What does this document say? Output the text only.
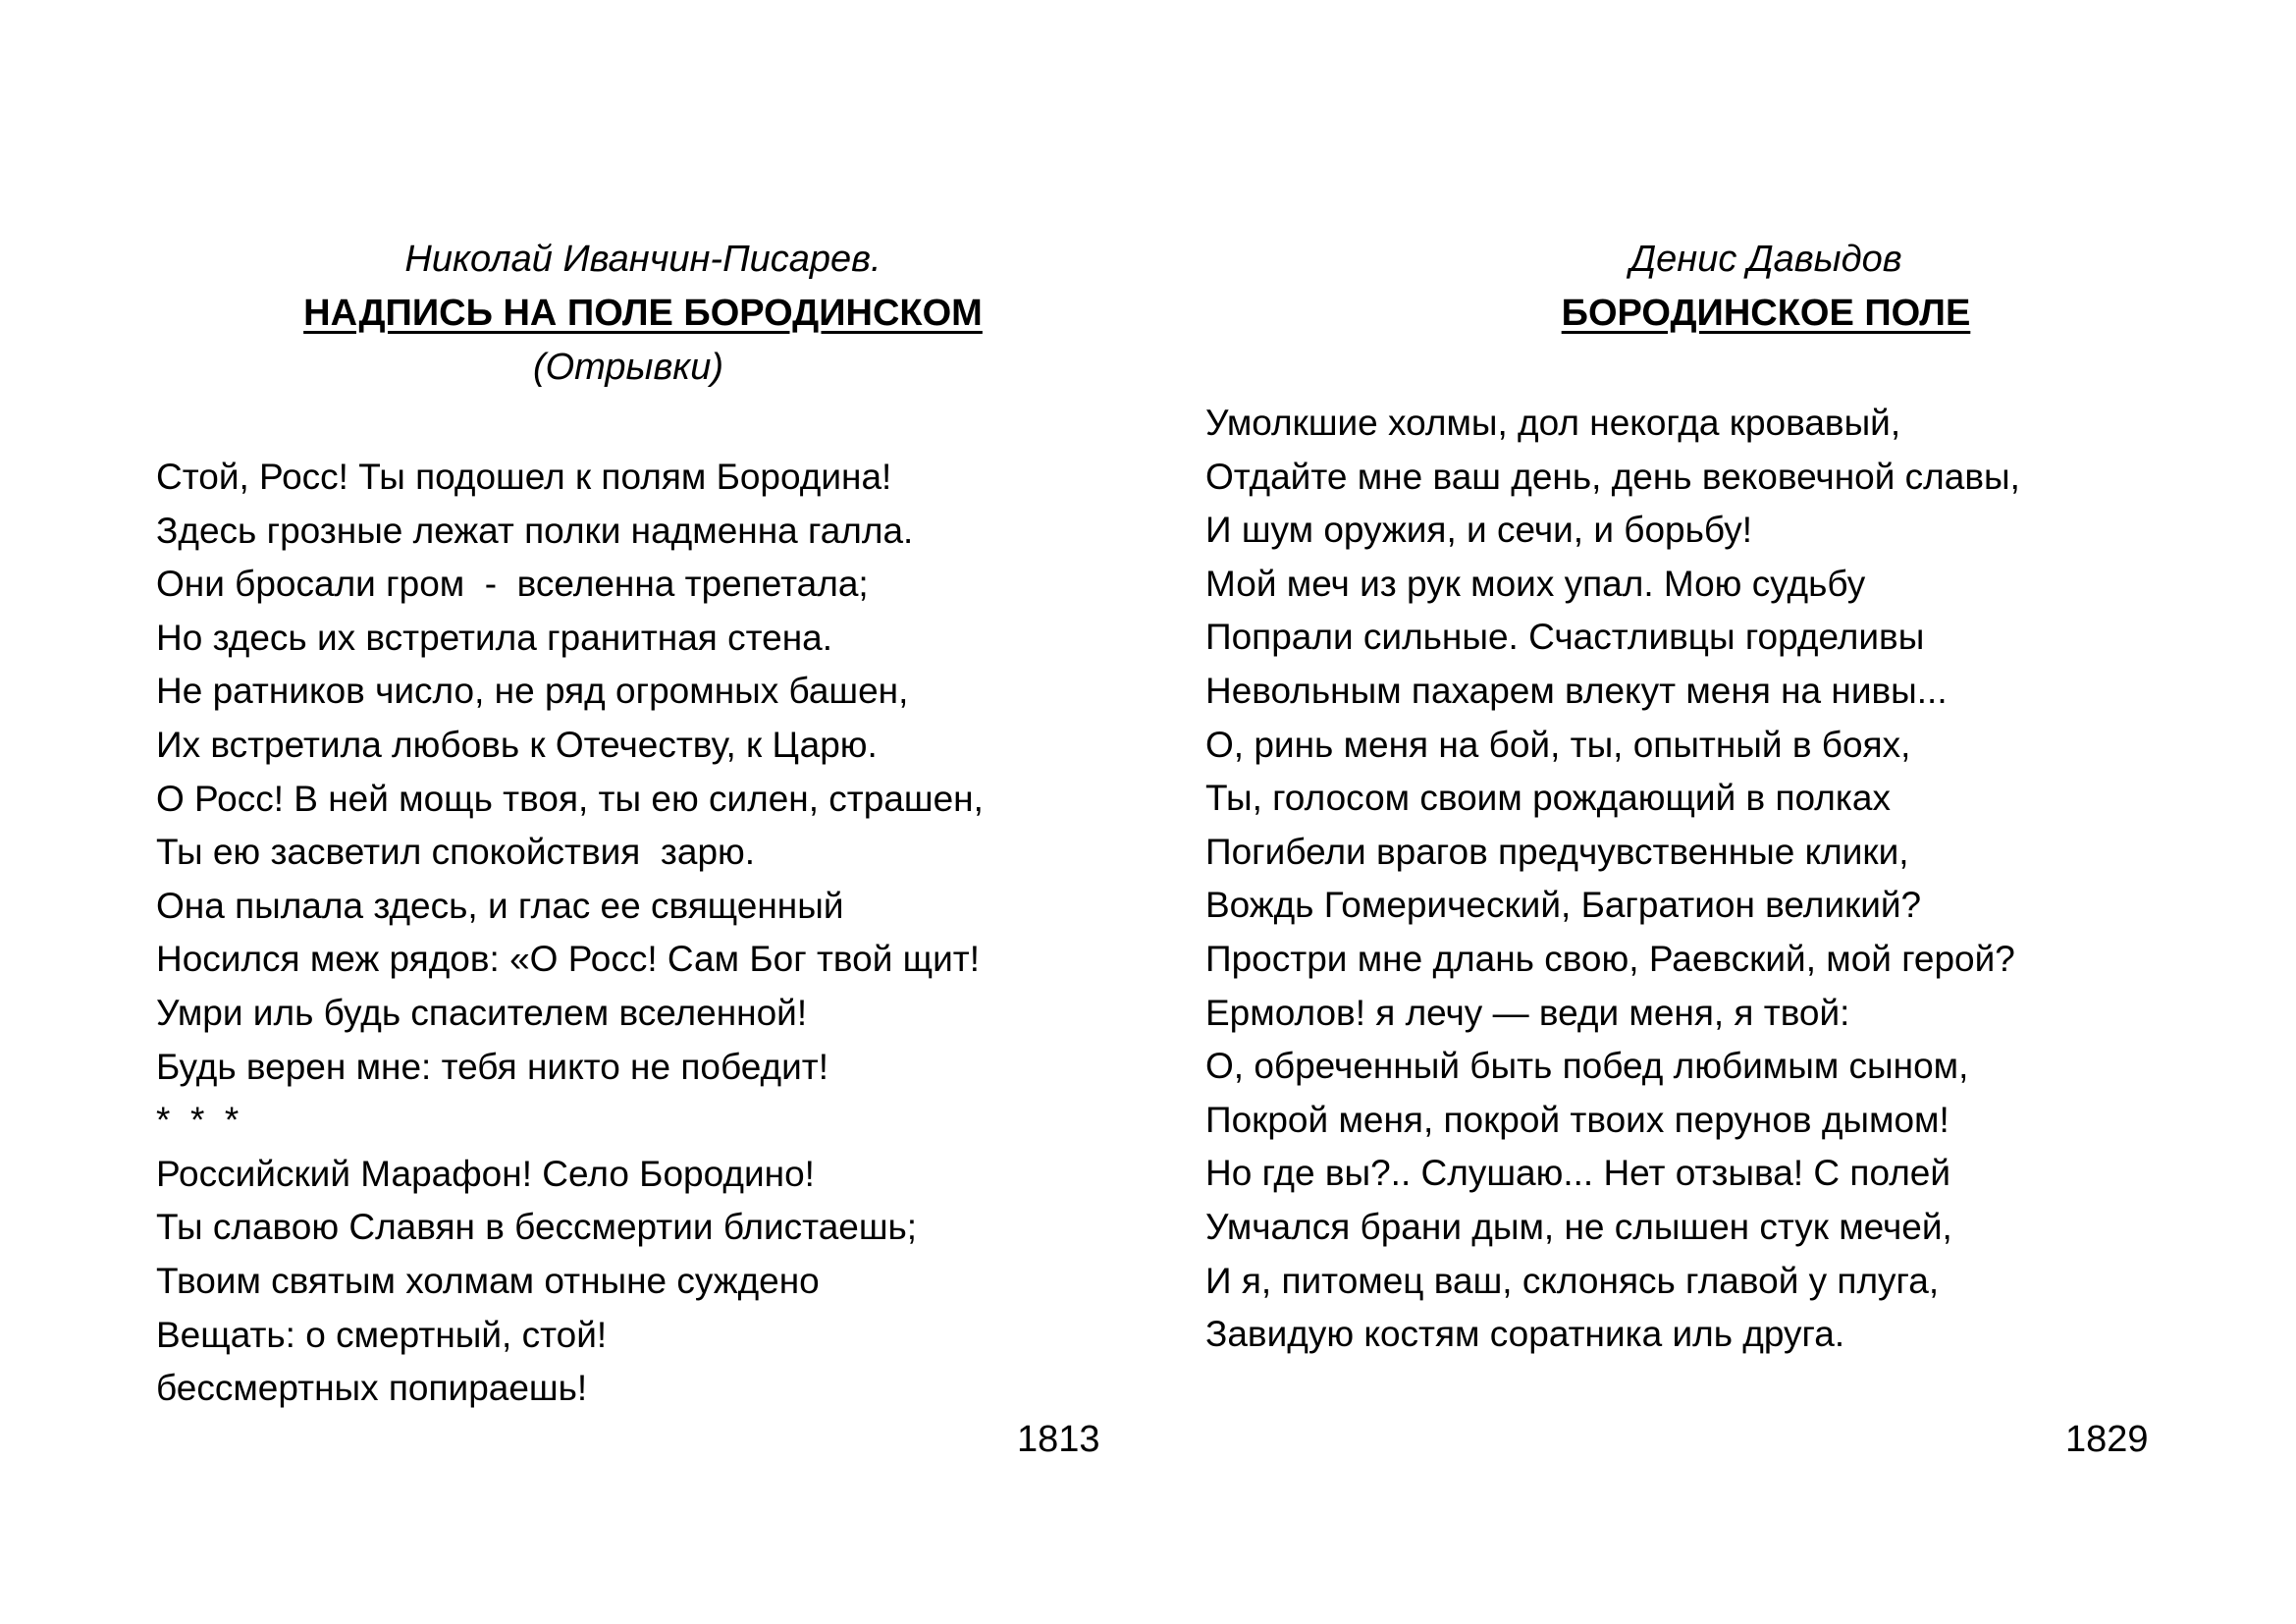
Николай Иванчин-Писарев.
НАДПИСЬ НА ПОЛЕ БОРОДИНСКОМ
(Отрывки)
Стой, Росс! Ты подошел к полям Бородина!
Здесь грозные лежат полки надменна галла.
Они бросали гром  -  вселенна трепетала;
Но здесь их встретила гранитная стена.
Не ратников число, не ряд огромных башен,
Их встретила любовь к Отечеству, к Царю.
О Росс! В ней мощь твоя, ты ею силен, страшен,
Ты ею засветил спокойствия  зарю.
Она пылала здесь, и глас ее священный
Носился меж рядов: «О Росс! Сам Бог твой щит!
Умри иль будь спасителем вселенной!
Будь верен мне: тебя никто не победит!
*  *  *
Российский Марафон! Село Бородино!
Ты славою Славян в бессмертии блистаешь;
Твоим святым холмам отныне суждено
Вещать: о смертный, стой!
бессмертных попираешь!
1813
Денис Давыдов
БОРОДИНСКОЕ ПОЛЕ
Умолкшие холмы, дол некогда кровавый,
Отдайте мне ваш день, день вековечной славы,
И шум оружия, и сечи, и борьбу!
Мой меч из рук моих упал. Мою судьбу
Попрали сильные. Счастливцы горделивы
Невольным пахарем влекут меня на нивы...
О, ринь меня на бой, ты, опытный в боях,
Ты, голосом своим рождающий в полках
Погибели врагов предчувственные клики,
Вождь Гомерический, Багратион великий?
Простри мне длань свою, Раевский, мой герой?
Ермолов! я лечу — веди меня, я твой:
О, обреченный быть побед любимым сыном,
Покрой меня, покрой твоих перунов дымом!
Но где вы?.. Слушаю... Нет отзыва! С полей
Умчался брани дым, не слышен стук мечей,
И я, питомец ваш, склонясь главой у плуга,
Завидую костям соратника иль друга.
1829
